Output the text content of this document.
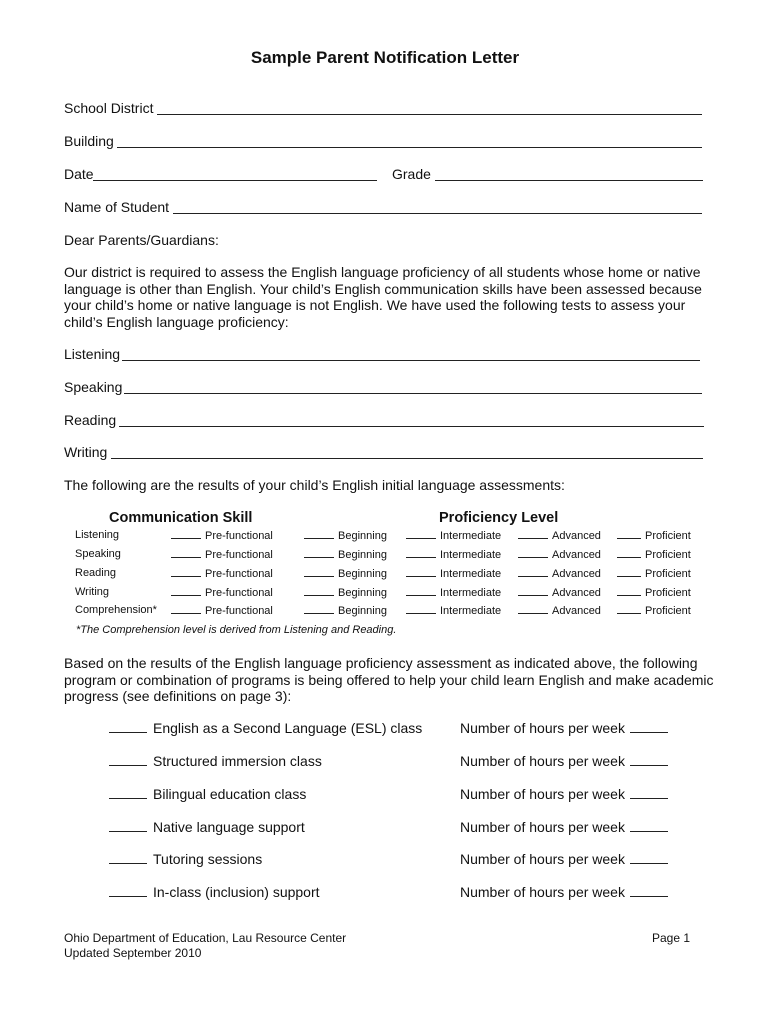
Sample Parent Notification Letter
School District
Building
Date	Grade
Name of Student
Dear Parents/Guardians:
Our district is required to assess the English language proficiency of all students whose home or native language is other than English. Your child’s English communication skills have been assessed because your child’s home or native language is not English. We have used the following tests to assess your child’s English language proficiency:
Listening
Speaking
Reading
Writing
The following are the results of your child’s English initial language assessments:
Communication Skill	Proficiency Level
Listening	Pre-functional	Beginning	Intermediate	Advanced	Proficient
Speaking	Pre-functional	Beginning	Intermediate	Advanced	Proficient
Reading	Pre-functional	Beginning	Intermediate	Advanced	Proficient
Writing	Pre-functional	Beginning	Intermediate	Advanced	Proficient
Comprehension*	Pre-functional	Beginning	Intermediate	Advanced	Proficient
*The Comprehension level is derived from Listening and Reading.
Based on the results of the English language proficiency assessment as indicated above, the following program or combination of programs is being offered to help your child learn English and make academic progress (see definitions on page 3):
English as a Second Language (ESL) class	Number of hours per week
Structured immersion class	Number of hours per week
Bilingual education class	Number of hours per week
Native language support	Number of hours per week
Tutoring sessions	Number of hours per week
In-class (inclusion) support	Number of hours per week
Ohio Department of Education, Lau Resource Center
Updated September 2010
Page 1
